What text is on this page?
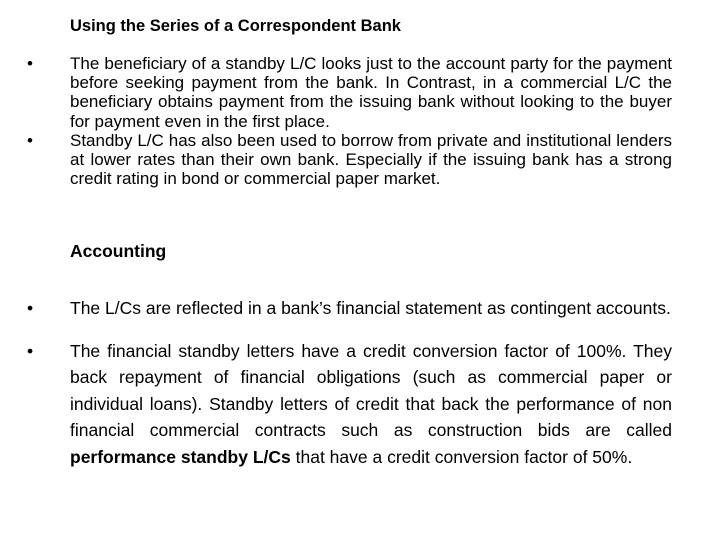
Using the Series of a Correspondent Bank

• The beneficiary of a standby L/C looks just to the account party for the payment before seeking payment from the bank. In Contrast, in a commercial L/C the beneficiary obtains payment from the issuing bank without looking to the buyer for payment even in the first place.
• Standby L/C has also been used to borrow from private and institutional lenders at lower rates than their own bank. Especially if the issuing bank has a strong credit rating in bond or commercial paper market.

Accounting

• The L/Cs are reflected in a bank’s financial statement as contingent accounts.
• The financial standby letters have a credit conversion factor of 100%. They back repayment of financial obligations (such as commercial paper or individual loans). Standby letters of credit that back the performance of non financial commercial contracts such as construction bids are called performance standby L/Cs that have a credit conversion factor of 50%.
